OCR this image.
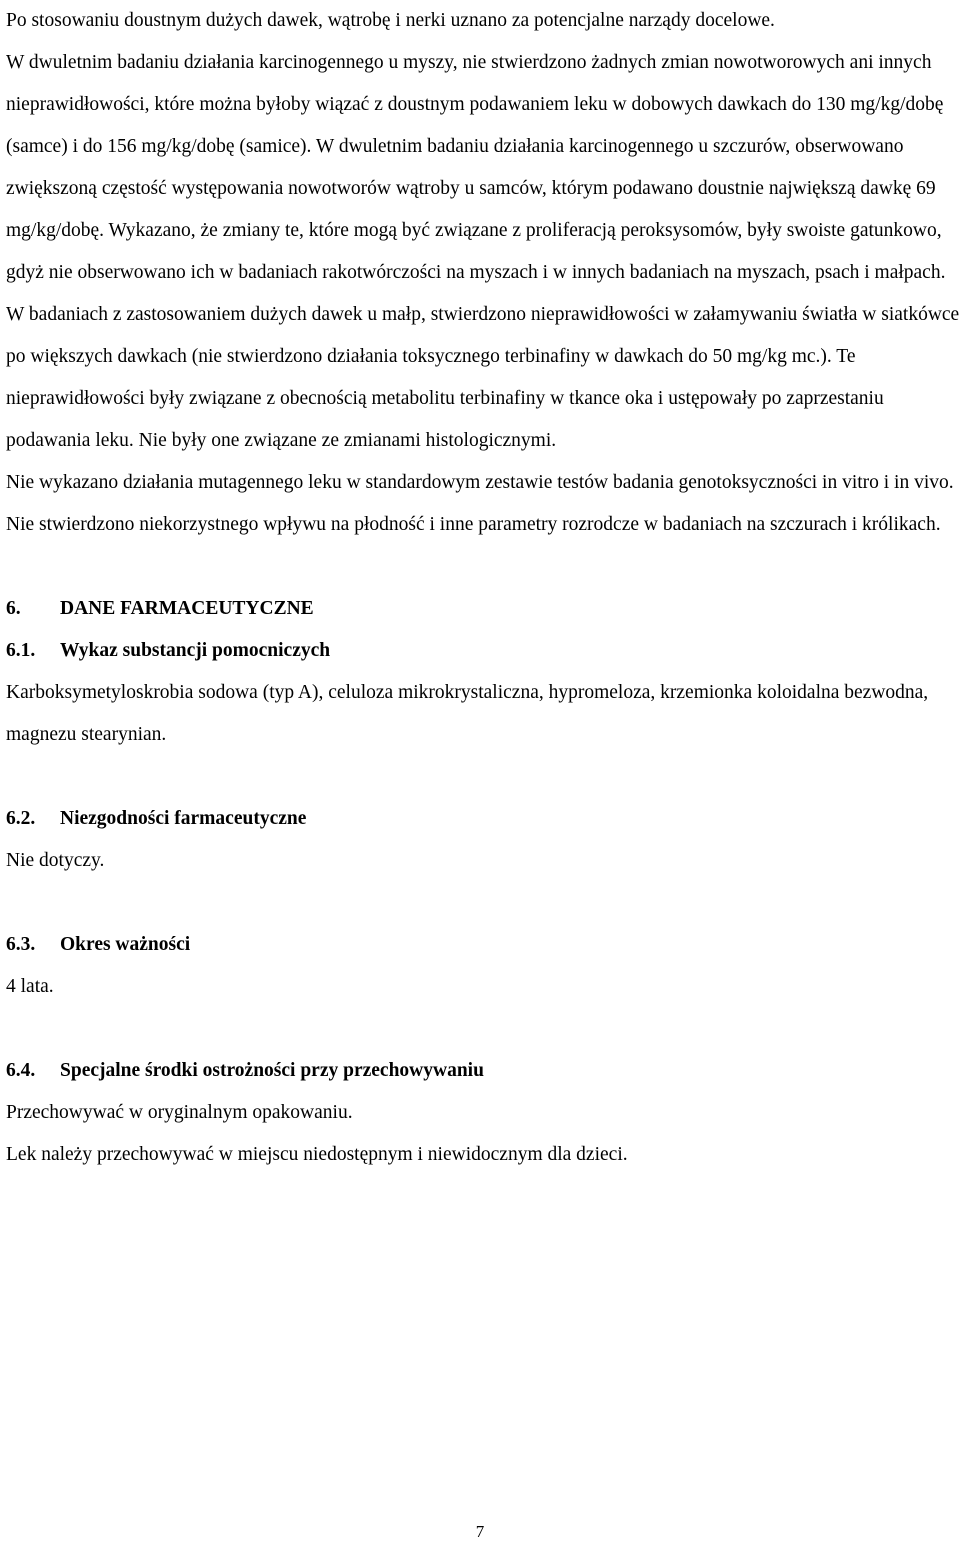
Po stosowaniu doustnym dużych dawek, wątrobę i nerki uznano za potencjalne narządy docelowe.

W dwuletnim badaniu działania karcinogennego u myszy, nie stwierdzono żadnych zmian nowotworowych ani innych nieprawidłowości, które można byłoby wiązać z doustnym podawaniem leku w dobowych dawkach do 130 mg/kg/dobę (samce) i do 156 mg/kg/dobę (samice). W dwuletnim badaniu działania karcinogennego u szczurów, obserwowano zwiększoną częstość występowania nowotworów wątroby u samców, którym podawano doustnie największą dawkę 69 mg/kg/dobę. Wykazano, że zmiany te, które mogą być związane z proliferacją peroksysomów, były swoiste gatunkowo, gdyż nie obserwowano ich w badaniach rakotwórczości na myszach i w innych badaniach na myszach, psach i małpach.

W badaniach z zastosowaniem dużych dawek u małp, stwierdzono nieprawidłowości w załamywaniu światła w siatkówce po większych dawkach (nie stwierdzono działania toksycznego terbinafiny w dawkach do 50 mg/kg mc.). Te nieprawidłowości były związane z obecnością metabolitu terbinafiny w tkance oka i ustępowały po zaprzestaniu podawania leku. Nie były one związane ze zmianami histologicznymi.

Nie wykazano działania mutagennego leku w standardowym zestawie testów badania genotoksyczności in vitro i in vivo.

Nie stwierdzono niekorzystnego wpływu na płodność i inne parametry rozrodcze w badaniach na szczurach i królikach.

6. DANE FARMACEUTYCZNE

6.1. Wykaz substancji pomocniczych

Karboksymetyloskrobia sodowa (typ A), celuloza mikrokrystaliczna, hypromeloza, krzemionka koloidalna bezwodna, magnezu stearynian.

6.2. Niezgodności farmaceutyczne

Nie dotyczy.

6.3. Okres ważności

4 lata.

6.4. Specjalne środki ostrożności przy przechowywaniu

Przechowywać w oryginalnym opakowaniu.

Lek należy przechowywać w miejscu niedostępnym i niewidocznym dla dzieci.

7
